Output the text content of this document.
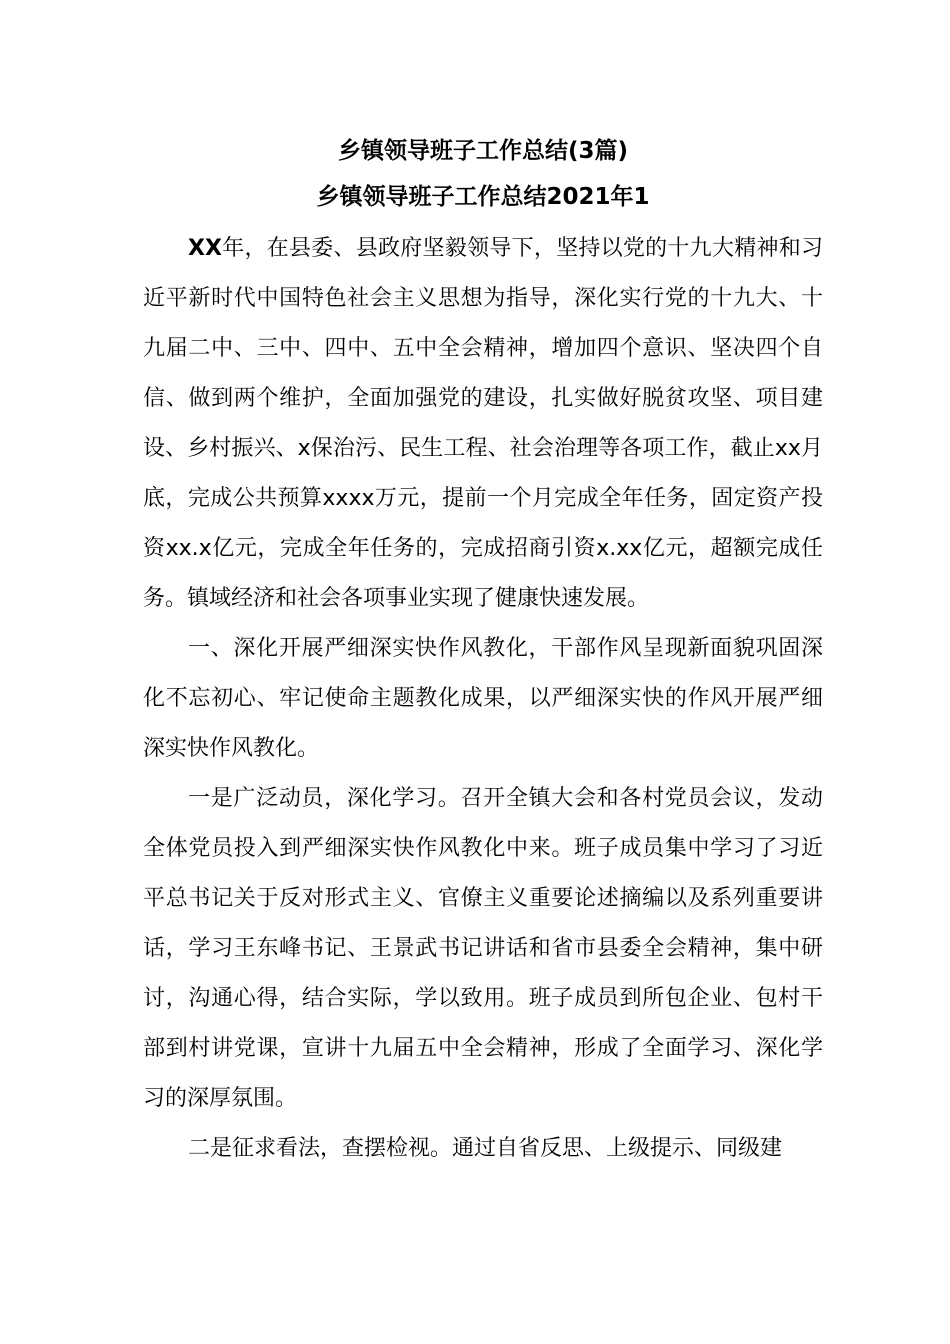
乡镇领导班子工作总结(3篇)
乡镇领导班子工作总结2021年1

XX年，在县委、县政府坚毅领导下，坚持以党的十九大精神和习近平新时代中国特色社会主义思想为指导，深化实行党的十九大、十九届二中、三中、四中、五中全会精神，增加四个意识、坚决四个自信、做到两个维护，全面加强党的建设，扎实做好脱贫攻坚、项目建设、乡村振兴、x保治污、民生工程、社会治理等各项工作，截止xx月底，完成公共预算xxxx万元，提前一个月完成全年任务，固定资产投资xx.x亿元，完成全年任务的，完成招商引资x.xx亿元，超额完成任务。镇域经济和社会各项事业实现了健康快速发展。

一、深化开展严细深实快作风教化，干部作风呈现新面貌巩固深化不忘初心、牢记使命主题教化成果，以严细深实快的作风开展严细深实快作风教化。

一是广泛动员，深化学习。召开全镇大会和各村党员会议，发动全体党员投入到严细深实快作风教化中来。班子成员集中学习了习近平总书记关于反对形式主义、官僚主义重要论述摘编以及系列重要讲话，学习王东峰书记、王景武书记讲话和省市县委全会精神，集中研讨，沟通心得，结合实际，学以致用。班子成员到所包企业、包村干部到村讲党课，宣讲十九届五中全会精神，形成了全面学习、深化学习的深厚氛围。

二是征求看法，查摆检视。通过自省反思、上级提示、同级建
